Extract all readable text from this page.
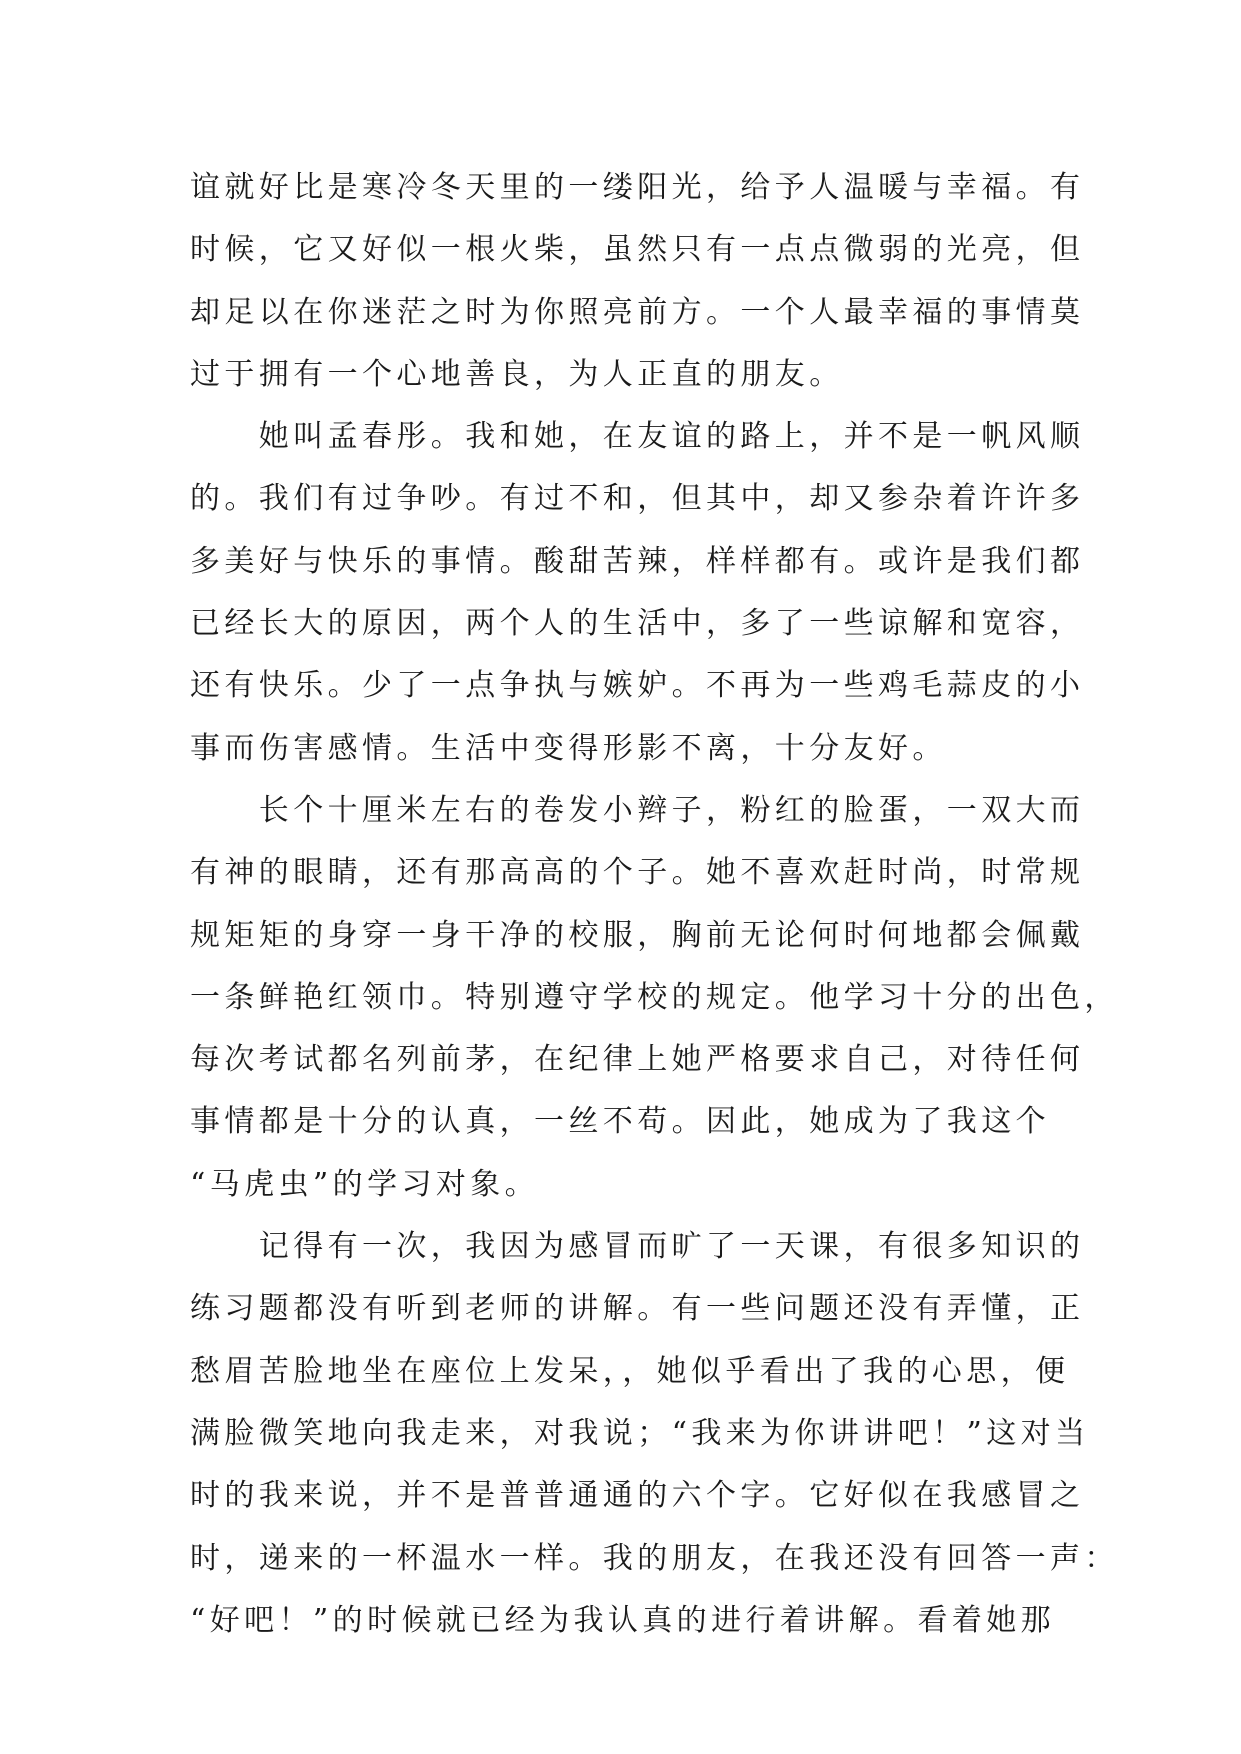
谊就好比是寒冷冬天里的一缕阳光，给予人温暖与幸福。有
时候，它又好似一根火柴，虽然只有一点点微弱的光亮，但
却足以在你迷茫之时为你照亮前方。一个人最幸福的事情莫
过于拥有一个心地善良，为人正直的朋友。
　　她叫孟春彤。我和她，在友谊的路上，并不是一帆风顺
的。我们有过争吵。有过不和，但其中，却又参杂着许许多
多美好与快乐的事情。酸甜苦辣，样样都有。或许是我们都
已经长大的原因，两个人的生活中，多了一些谅解和宽容，
还有快乐。少了一点争执与嫉妒。不再为一些鸡毛蒜皮的小
事而伤害感情。生活中变得形影不离，十分友好。
　　长个十厘米左右的卷发小辫子，粉红的脸蛋，一双大而
有神的眼睛，还有那高高的个子。她不喜欢赶时尚，时常规
规矩矩的身穿一身干净的校服，胸前无论何时何地都会佩戴
一条鲜艳红领巾。特别遵守学校的规定。他学习十分的出色，
每次考试都名列前茅，在纪律上她严格要求自己，对待任何
事情都是十分的认真，一丝不苟。因此，她成为了我这个
“马虎虫”的学习对象。
　　记得有一次，我因为感冒而旷了一天课，有很多知识的
练习题都没有听到老师的讲解。有一些问题还没有弄懂，正
愁眉苦脸地坐在座位上发呆，，她似乎看出了我的心思，便
满脸微笑地向我走来，对我说；“我来为你讲讲吧！”这对当
时的我来说，并不是普普通通的六个字。它好似在我感冒之
时，递来的一杯温水一样。我的朋友，在我还没有回答一声：
“好吧！”的时候就已经为我认真的进行着讲解。看着她那
